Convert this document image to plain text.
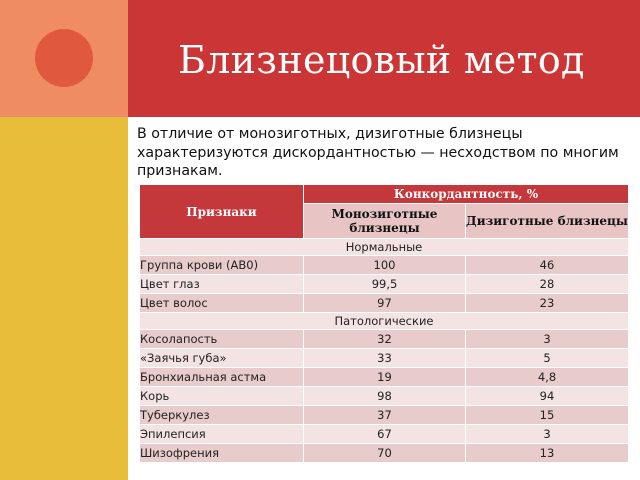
Близнецовый метод

В отличие от монозиготных, дизиготные близнецы характеризуются дискордантностью — несходством по многим признакам.

Признаки	Конкордантность, %	
	Монозиготные близнецы	Дизиготные близнецы
Нормальные		
Группа крови (АВ0)	100	46
Цвет глаз	99,5	28
Цвет волос	97	23
Патологические		
Косолапость	32	3
«Заячья губа»	33	5
Бронхиальная астма	19	4,8
Корь	98	94
Туберкулез	37	15
Эпилепсия	67	3
Шизофрения	70	13
